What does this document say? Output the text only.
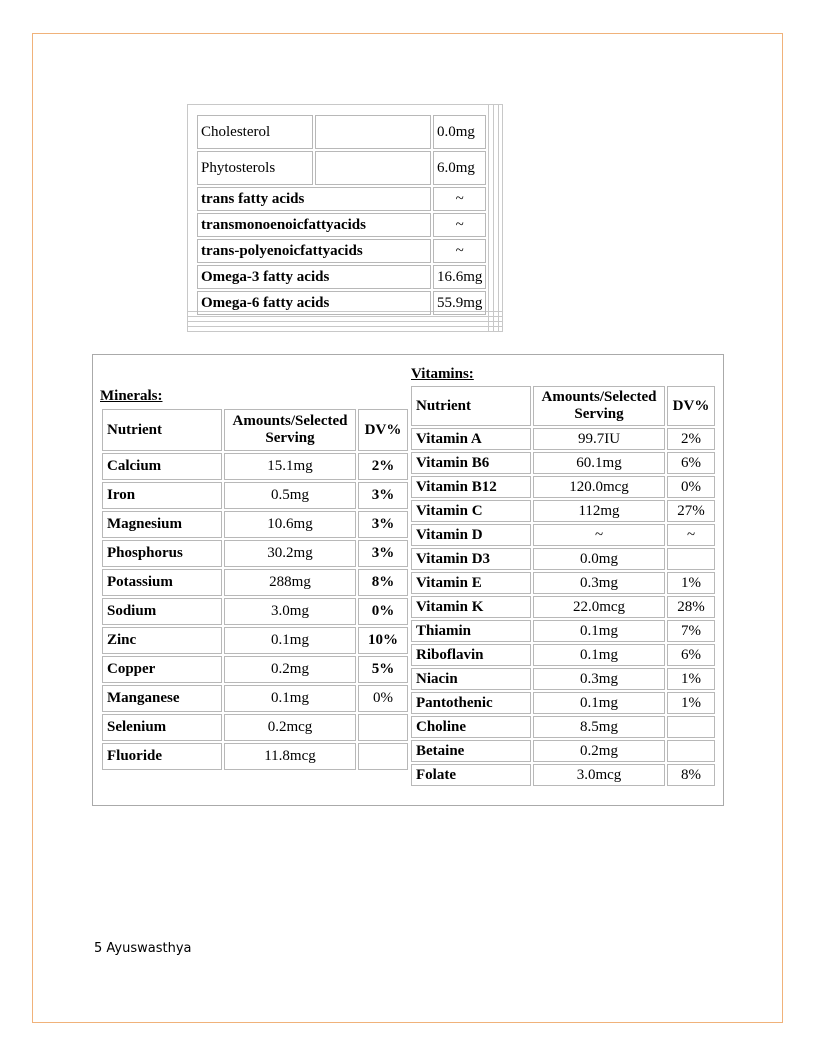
Cholesterol		0.0mg
Phytosterols		6.0mg
trans fatty acids		~
transmonoenoicfattyacids		~
trans-polyenoicfattyacids		~
Omega-3 fatty acids		16.6mg
Omega-6 fatty acids		55.9mg
Minerals:
Nutrient	Amounts/Selected Serving	DV%
Calcium	15.1mg	2%
Iron	0.5mg	3%
Magnesium	10.6mg	3%
Phosphorus	30.2mg	3%
Potassium	288mg	8%
Sodium	3.0mg	0%
Zinc	0.1mg	10%
Copper	0.2mg	5%
Manganese	0.1mg	0%
Selenium	0.2mcg	
Fluoride	11.8mcg	
Vitamins:
Nutrient	Amounts/Selected Serving	DV%
Vitamin A	99.7IU	2%
Vitamin B6	60.1mg	6%
Vitamin B12	120.0mcg	0%
Vitamin C	112mg	27%
Vitamin D	~	~
Vitamin D3	0.0mg	
Vitamin E	0.3mg	1%
Vitamin K	22.0mcg	28%
Thiamin	0.1mg	7%
Riboflavin	0.1mg	6%
Niacin	0.3mg	1%
Pantothenic	0.1mg	1%
Choline	8.5mg	
Betaine	0.2mg	
Folate	3.0mcg	8%
5 Ayuswasthya
